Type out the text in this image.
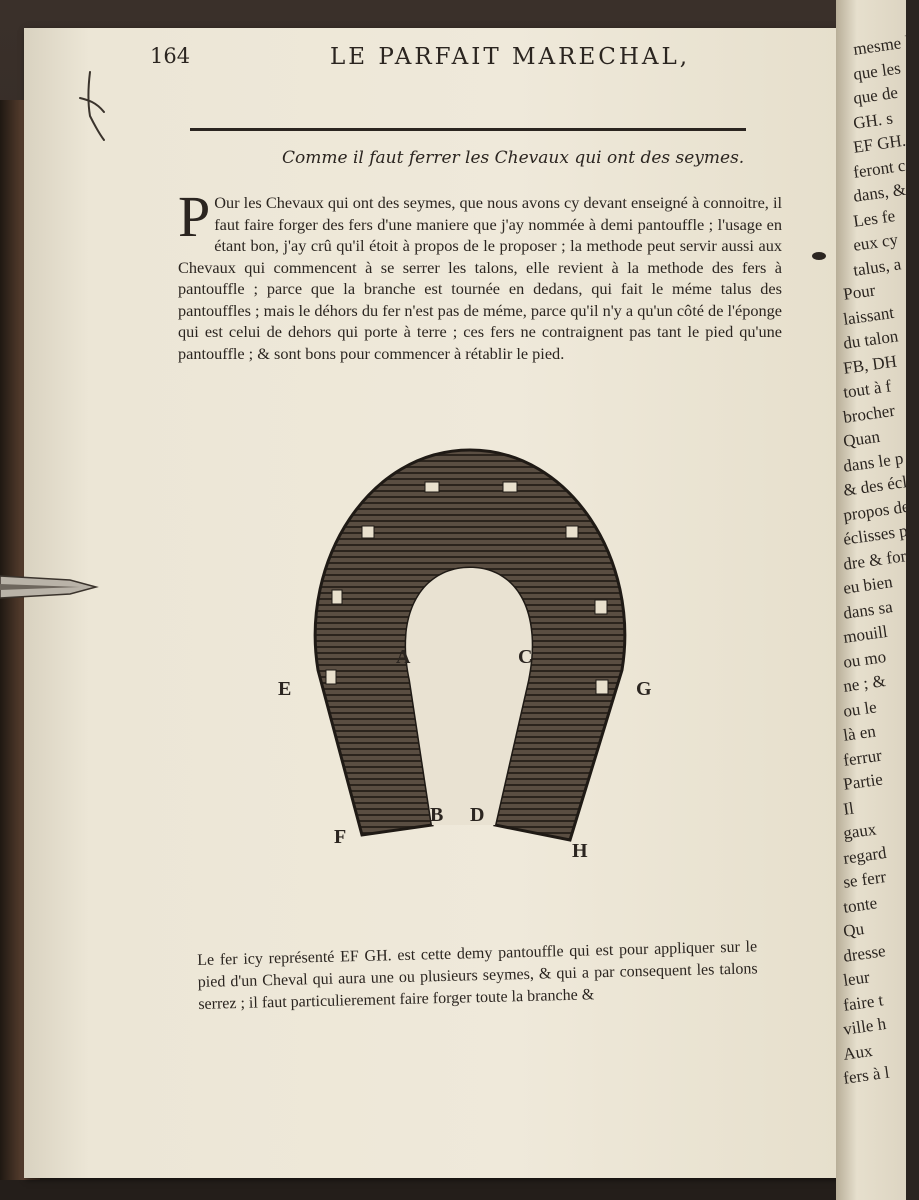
mesme le
que les
que de
GH. s
EF GH.
feront c
dans, &
Les fe
eux cy
talus, a
Pour
laissant
du talon
FB, DH
tout à f
brocher
Quan
dans le p
& des écl
propos de
éclisses po
dre & for
eu bien
dans sa
mouill
ou mo
ne ; &
ou le
là en
ferrur
Partie
Il
gaux
regard
se ferr
tonte
Qu
dresse
leur
faire t
ville h
Aux
fers à l
164	LE PARFAIT MARECHAL,
Comme il faut ferrer les Chevaux qui ont des seymes.
P Our les Chevaux qui ont des seymes, que nous avons cy devant enseigné à connoitre, il faut faire forger des fers d'une maniere que j'ay nommée à demi pantouffle ; l'usage en étant bon, j'ay crû qu'il étoit à propos de le proposer ; la methode peut servir aussi aux Chevaux qui commencent à se serrer les talons, elle revient à la methode des fers à pantouffle ; parce que la branche est tournée en dedans, qui fait le méme talus des pantouffles ; mais le déhors du fer n'est pas de méme, parce qu'il n'y a qu'un côté de l'éponge qui est celui de dehors qui porte à terre ; ces fers ne contraignent pas tant le pied qu'une pantouffle ; & sont bons pour commencer à rétablir le pied.
A
B
C
D
E
F
G
H
Le fer icy représenté EF GH. est cette demy pantouffle qui est pour appliquer sur le pied d'un Cheval qui aura une ou plusieurs seymes, & qui a par consequent les talons serrez ; il faut particulierement faire forger toute la branche &
